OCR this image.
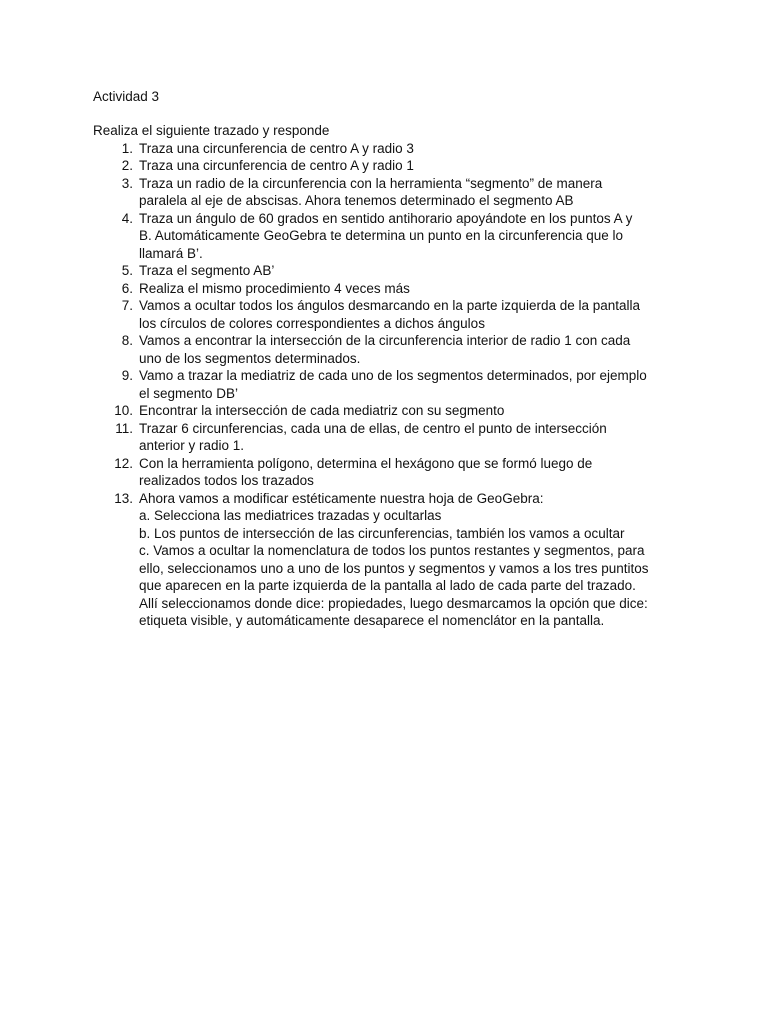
Actividad 3
Realiza el siguiente trazado y responde
1. Traza una circunferencia de centro A y radio 3
2. Traza una circunferencia de centro A y radio 1
3. Traza un radio de la circunferencia con la herramienta “segmento” de manera
paralela al eje de abscisas. Ahora tenemos determinado el segmento AB
4. Traza un ángulo de 60 grados en sentido antihorario apoyándote en los puntos A y
B. Automáticamente GeoGebra te determina un punto en la circunferencia que lo
llamará B’.
5. Traza el segmento AB’
6. Realiza el mismo procedimiento 4 veces más
7. Vamos a ocultar todos los ángulos desmarcando en la parte izquierda de la pantalla
los círculos de colores correspondientes a dichos ángulos
8. Vamos a encontrar la intersección de la circunferencia interior de radio 1 con cada
uno de los segmentos determinados.
9. Vamo a trazar la mediatriz de cada uno de los segmentos determinados, por ejemplo
el segmento DB’
10. Encontrar la intersección de cada mediatriz con su segmento
11. Trazar 6 circunferencias, cada una de ellas, de centro el punto de intersección
anterior y radio 1.
12. Con la herramienta polígono, determina el hexágono que se formó luego de
realizados todos los trazados
13. Ahora vamos a modificar estéticamente nuestra hoja de GeoGebra:
a. Selecciona las mediatrices trazadas y ocultarlas
b. Los puntos de intersección de las circunferencias, también los vamos a ocultar
c. Vamos a ocultar la nomenclatura de todos los puntos restantes y segmentos, para
ello, seleccionamos uno a uno de los puntos y segmentos y vamos a los tres puntitos
que aparecen en la parte izquierda de la pantalla al lado de cada parte del trazado.
Allí seleccionamos donde dice: propiedades, luego desmarcamos la opción que dice:
etiqueta visible, y automáticamente desaparece el nomenclátor en la pantalla.
